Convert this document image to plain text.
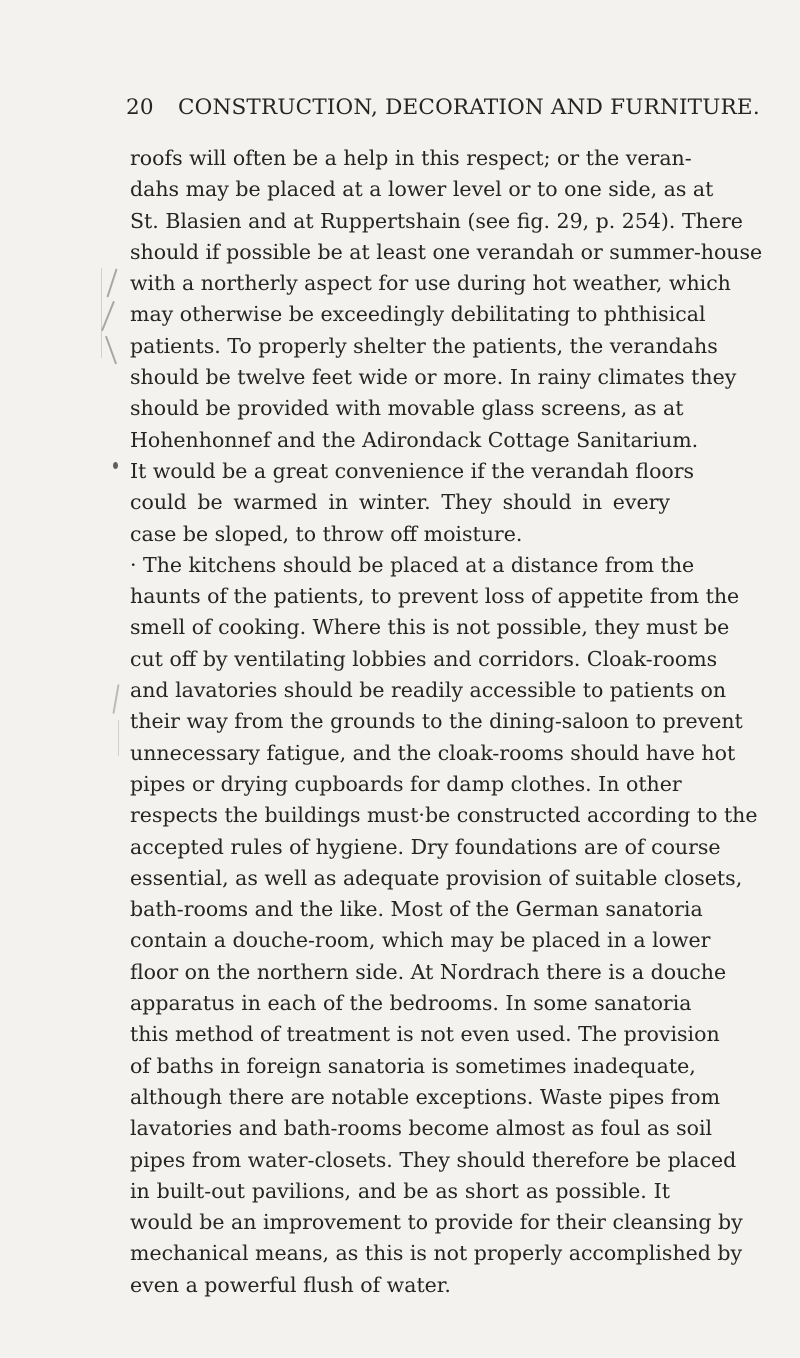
20 CONSTRUCTION, DECORATION AND FURNITURE.
roofs will often be a help in this respect; or the veran-
dahs may be placed at a lower level or to one side, as at
St. Blasien and at Ruppertshain (see fig. 29, p. 254). There
should if possible be at least one verandah or summer-house
with a northerly aspect for use during hot weather, which
may otherwise be exceedingly debilitating to phthisical
patients. To properly shelter the patients, the verandahs
should be twelve feet wide or more. In rainy climates they
should be provided with movable glass screens, as at
Hohenhonnef and the Adirondack Cottage Sanitarium.
It would be a great convenience if the verandah floors
could be warmed in winter. They should in every
case be sloped, to throw off moisture.
· The kitchens should be placed at a distance from the
haunts of the patients, to prevent loss of appetite from the
smell of cooking. Where this is not possible, they must be
cut off by ventilating lobbies and corridors. Cloak-rooms
and lavatories should be readily accessible to patients on
their way from the grounds to the dining-saloon to prevent
unnecessary fatigue, and the cloak-rooms should have hot
pipes or drying cupboards for damp clothes. In other
respects the buildings must·be constructed according to the
accepted rules of hygiene. Dry foundations are of course
essential, as well as adequate provision of suitable closets,
bath-rooms and the like. Most of the German sanatoria
contain a douche-room, which may be placed in a lower
floor on the northern side. At Nordrach there is a douche
apparatus in each of the bedrooms. In some sanatoria
this method of treatment is not even used. The provision
of baths in foreign sanatoria is sometimes inadequate,
although there are notable exceptions. Waste pipes from
lavatories and bath-rooms become almost as foul as soil
pipes from water-closets. They should therefore be placed
in built-out pavilions, and be as short as possible. It
would be an improvement to provide for their cleansing by
mechanical means, as this is not properly accomplished by
even a powerful flush of water.
